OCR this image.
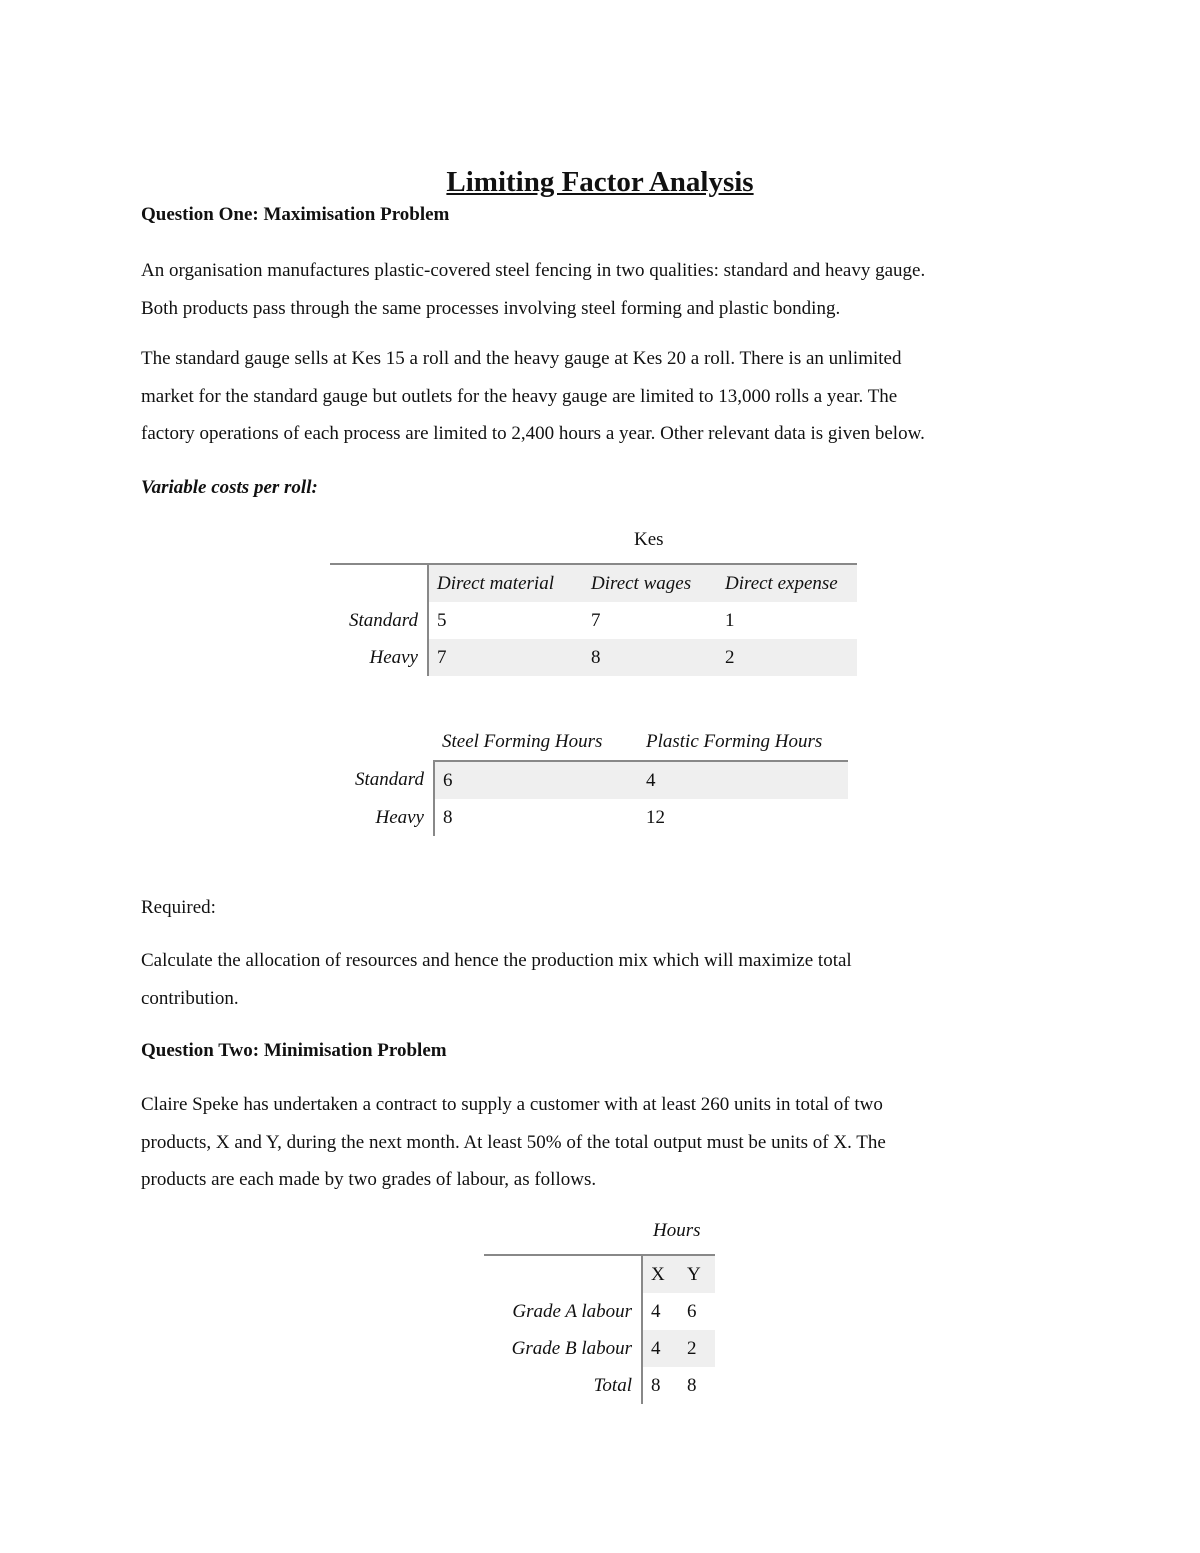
Limiting Factor Analysis
Question One: Maximisation Problem
An organisation manufactures plastic-covered steel fencing in two qualities: standard and heavy gauge.
Both products pass through the same processes involving steel forming and plastic bonding.
The standard gauge sells at Kes 15 a roll and the heavy gauge at Kes 20 a roll. There is an unlimited
market for the standard gauge but outlets for the heavy gauge are limited to 13,000 rolls a year. The
factory operations of each process are limited to 2,400 hours a year. Other relevant data is given below.
Variable costs per roll:
Kes
	Direct material	Direct wages	Direct expense
Standard	5	7	1
Heavy	7	8	2
	Steel Forming Hours	Plastic Forming Hours
Standard	6	4
Heavy	8	12
Required:
Calculate the allocation of resources and hence the production mix which will maximize total
contribution.
Question Two: Minimisation Problem
Claire Speke has undertaken a contract to supply a customer with at least 260 units in total of two
products, X and Y, during the next month. At least 50% of the total output must be units of X. The
products are each made by two grades of labour, as follows.
Hours
	X	Y
Grade A labour	4	6
Grade B labour	4	2
Total	8	8
